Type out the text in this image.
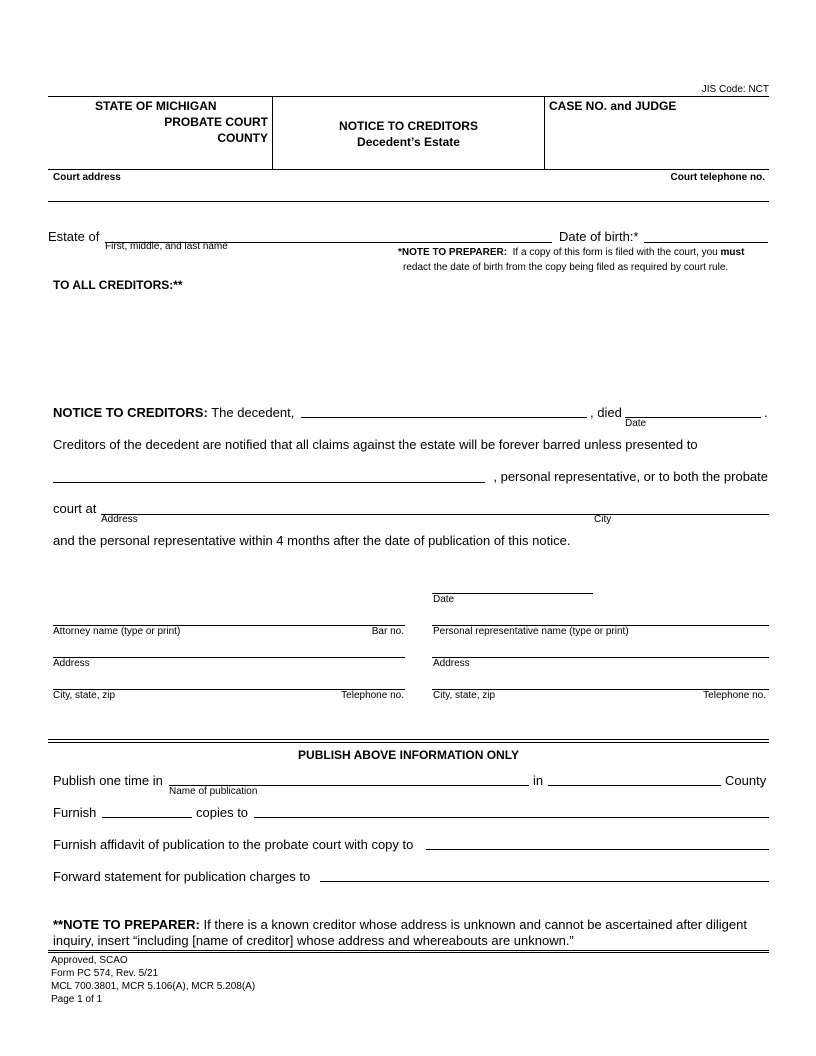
JIS Code: NCT
STATE OF MICHIGAN
PROBATE COURT
COUNTY
NOTICE TO CREDITORS
Decedent’s Estate
CASE NO. and JUDGE
Court address	Court telephone no.
Estate of
First, middle, and last name
Date of birth:*
*NOTE TO PREPARER: If a copy of this form is filed with the court, you must
redact the date of birth from the copy being filed as required by court rule.
TO ALL CREDITORS:**
NOTICE TO CREDITORS: The decedent,	, died	.
Date
Creditors of the decedent are notified that all claims against the estate will be forever barred unless presented to
, personal representative, or to both the probate
court at
Address	City
and the personal representative within 4 months after the date of publication of this notice.
Date
Attorney name (type or print)	Bar no.	Personal representative name (type or print)
Address	Address
City, state, zip	Telephone no.	City, state, zip	Telephone no.
PUBLISH ABOVE INFORMATION ONLY
Publish one time in
Name of publication
in	County
Furnish	copies to
Furnish affidavit of publication to the probate court with copy to
Forward statement for publication charges to
**NOTE TO PREPARER: If there is a known creditor whose address is unknown and cannot be ascertained after diligent
inquiry, insert “including [name of creditor] whose address and whereabouts are unknown.”
Approved, SCAO
Form PC 574, Rev. 5/21
MCL 700.3801, MCR 5.106(A), MCR 5.208(A)
Page 1 of 1
